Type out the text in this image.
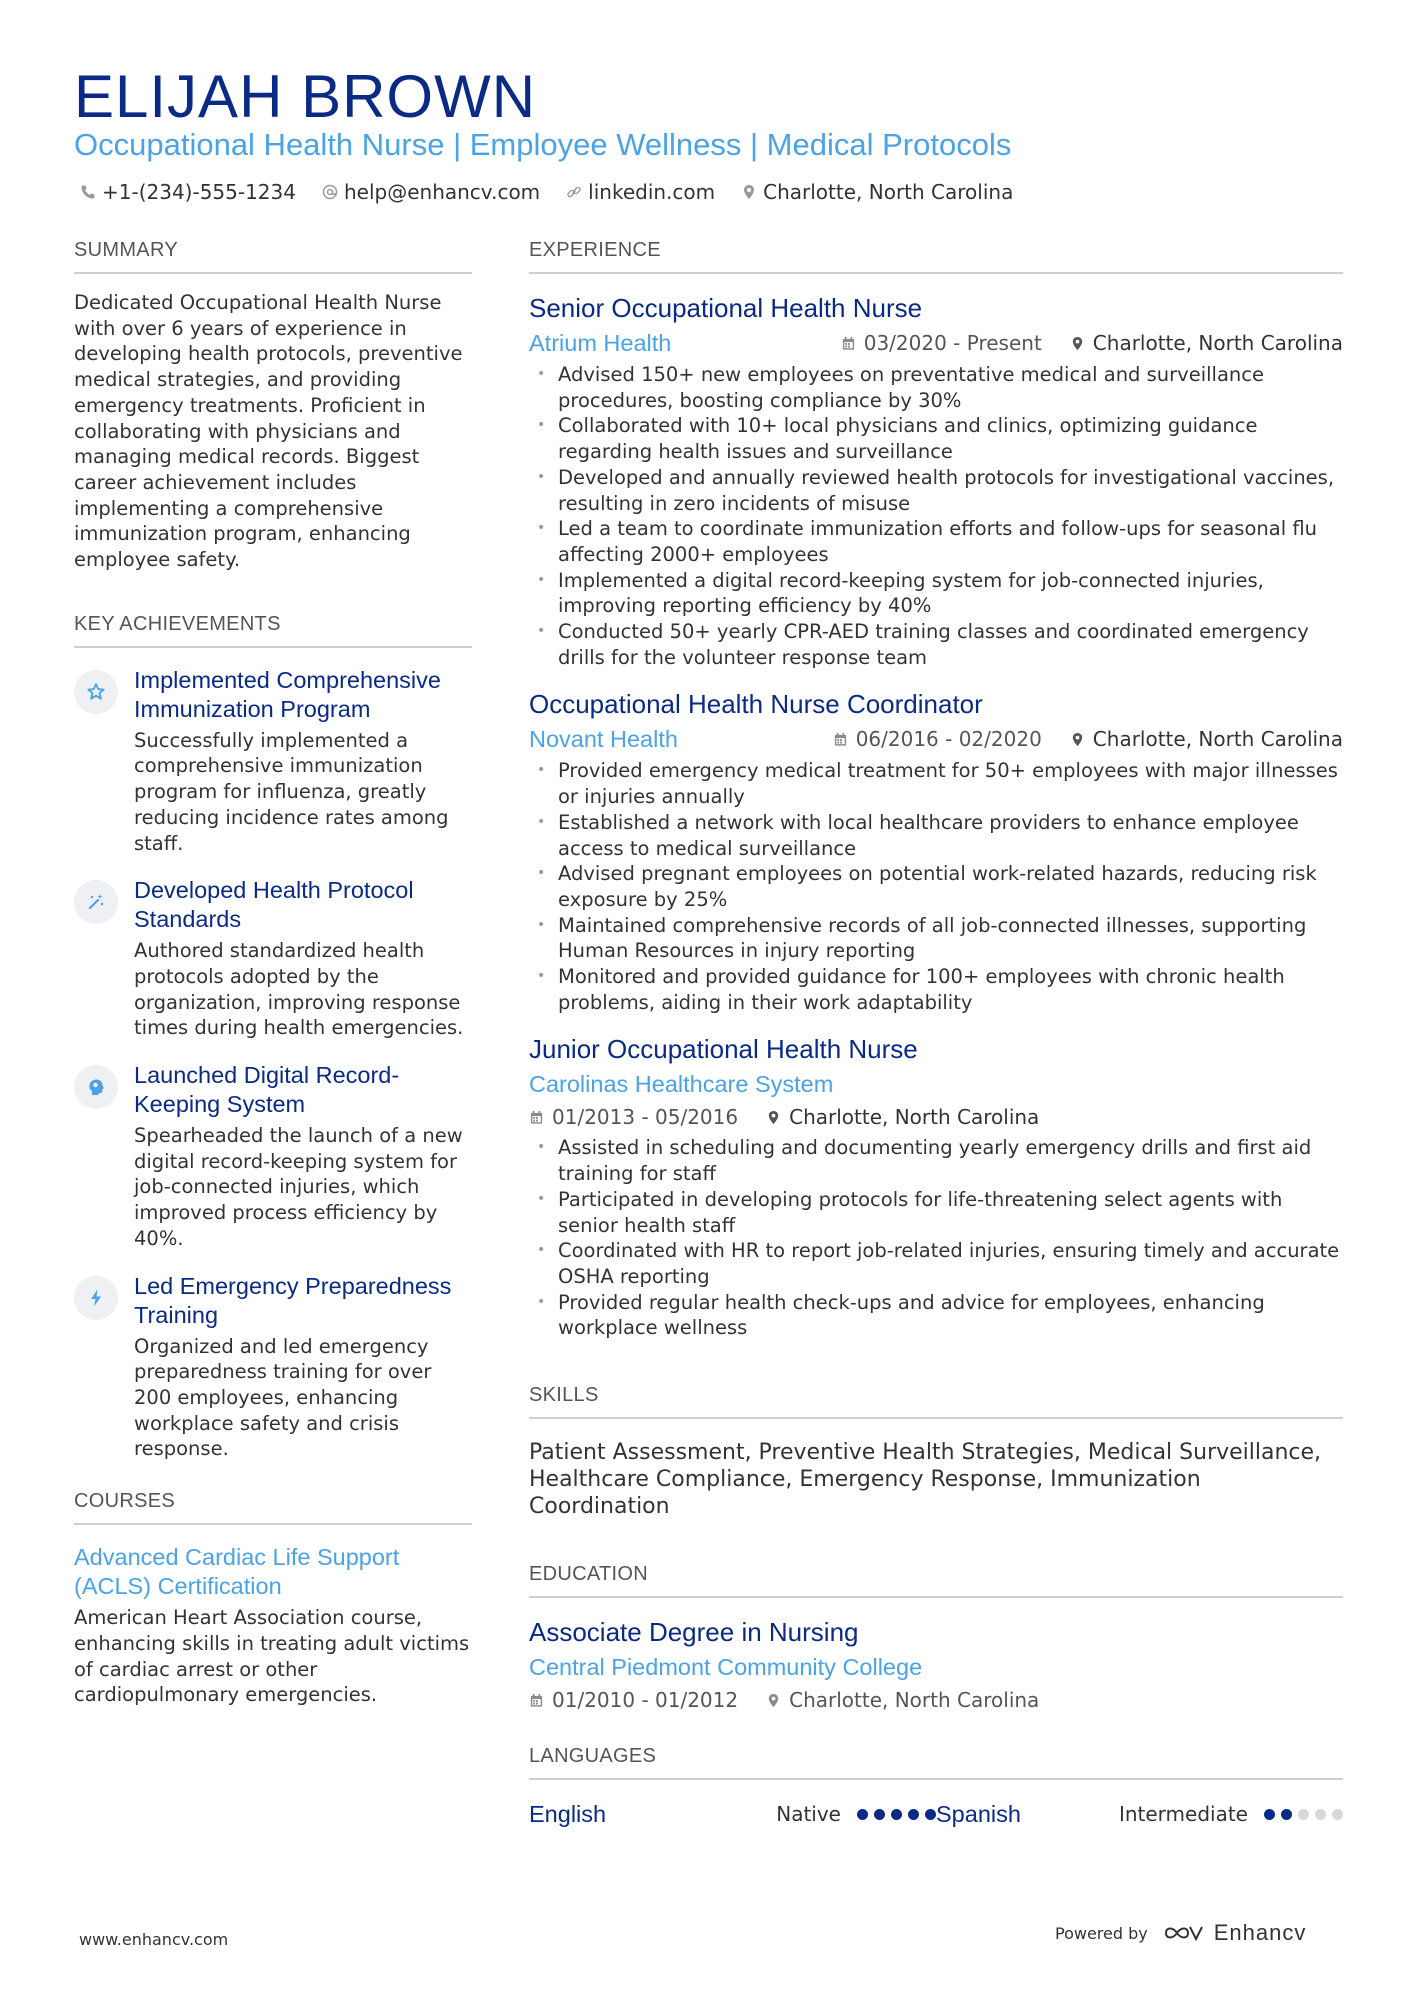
ELIJAH BROWN
Occupational Health Nurse | Employee Wellness | Medical Protocols
+1-(234)-555-1234 help@enhancv.com linkedin.com Charlotte, North Carolina
SUMMARY
Dedicated Occupational Health Nurse with over 6 years of experience in developing health protocols, preventive medical strategies, and providing emergency treatments. Proficient in collaborating with physicians and managing medical records. Biggest career achievement includes implementing a comprehensive immunization program, enhancing employee safety.
KEY ACHIEVEMENTS
Implemented Comprehensive Immunization Program
Successfully implemented a comprehensive immunization program for influenza, greatly reducing incidence rates among staff.
Developed Health Protocol Standards
Authored standardized health protocols adopted by the organization, improving response times during health emergencies.
Launched Digital Record-Keeping System
Spearheaded the launch of a new digital record-keeping system for job-connected injuries, which improved process efficiency by 40%.
Led Emergency Preparedness Training
Organized and led emergency preparedness training for over 200 employees, enhancing workplace safety and crisis response.
COURSES
Advanced Cardiac Life Support (ACLS) Certification
American Heart Association course, enhancing skills in treating adult victims of cardiac arrest or other cardiopulmonary emergencies.
EXPERIENCE
Senior Occupational Health Nurse
Atrium Health	03/2020 - Present	Charlotte, North Carolina
• Advised 150+ new employees on preventative medical and surveillance procedures, boosting compliance by 30%
• Collaborated with 10+ local physicians and clinics, optimizing guidance regarding health issues and surveillance
• Developed and annually reviewed health protocols for investigational vaccines, resulting in zero incidents of misuse
• Led a team to coordinate immunization efforts and follow-ups for seasonal flu affecting 2000+ employees
• Implemented a digital record-keeping system for job-connected injuries, improving reporting efficiency by 40%
• Conducted 50+ yearly CPR-AED training classes and coordinated emergency drills for the volunteer response team
Occupational Health Nurse Coordinator
Novant Health	06/2016 - 02/2020	Charlotte, North Carolina
• Provided emergency medical treatment for 50+ employees with major illnesses or injuries annually
• Established a network with local healthcare providers to enhance employee access to medical surveillance
• Advised pregnant employees on potential work-related hazards, reducing risk exposure by 25%
• Maintained comprehensive records of all job-connected illnesses, supporting Human Resources in injury reporting
• Monitored and provided guidance for 100+ employees with chronic health problems, aiding in their work adaptability
Junior Occupational Health Nurse
Carolinas Healthcare System
01/2013 - 05/2016	Charlotte, North Carolina
• Assisted in scheduling and documenting yearly emergency drills and first aid training for staff
• Participated in developing protocols for life-threatening select agents with senior health staff
• Coordinated with HR to report job-related injuries, ensuring timely and accurate OSHA reporting
• Provided regular health check-ups and advice for employees, enhancing workplace wellness
SKILLS
Patient Assessment, Preventive Health Strategies, Medical Surveillance, Healthcare Compliance, Emergency Response, Immunization Coordination
EDUCATION
Associate Degree in Nursing
Central Piedmont Community College
01/2010 - 01/2012	Charlotte, North Carolina
LANGUAGES
English	Native	Spanish	Intermediate
www.enhancv.com	Powered by	Enhancv
